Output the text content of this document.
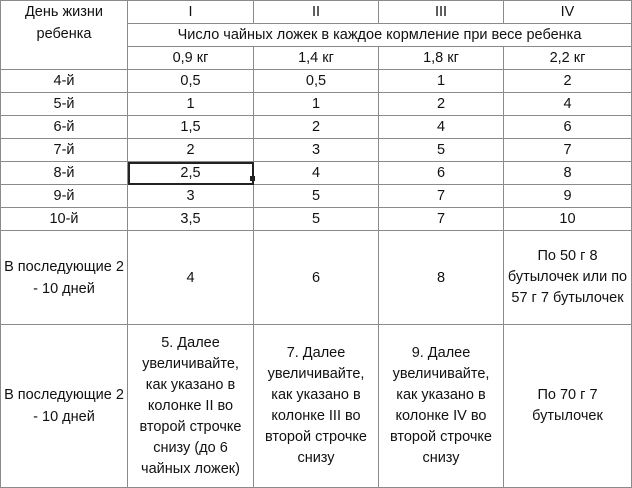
День жизни ребенка	I	II	III	IV
	Число чайных ложек в каждое кормление при весе ребенка			
	0,9 кг	1,4 кг	1,8 кг	2,2 кг
4-й	0,5	0,5	1	2
5-й	1	1	2	4
6-й	1,5	2	4	6
7-й	2	3	5	7
8-й	2,5	4	6	8
9-й	3	5	7	9
10-й	3,5	5	7	10
В последующие 2 - 10 дней	4	6	8	По 50 г 8 бутылочек или по 57 г 7 бутылочек
В последующие 2 - 10 дней	5. Далее увеличивайте, как указано в колонке II во второй строчке снизу (до 6 чайных ложек)	7. Далее увеличивайте, как указано в колонке III во второй строчке снизу	9. Далее увеличивайте, как указано в колонке IV во второй строчке снизу	По 70 г 7 бутылочек
